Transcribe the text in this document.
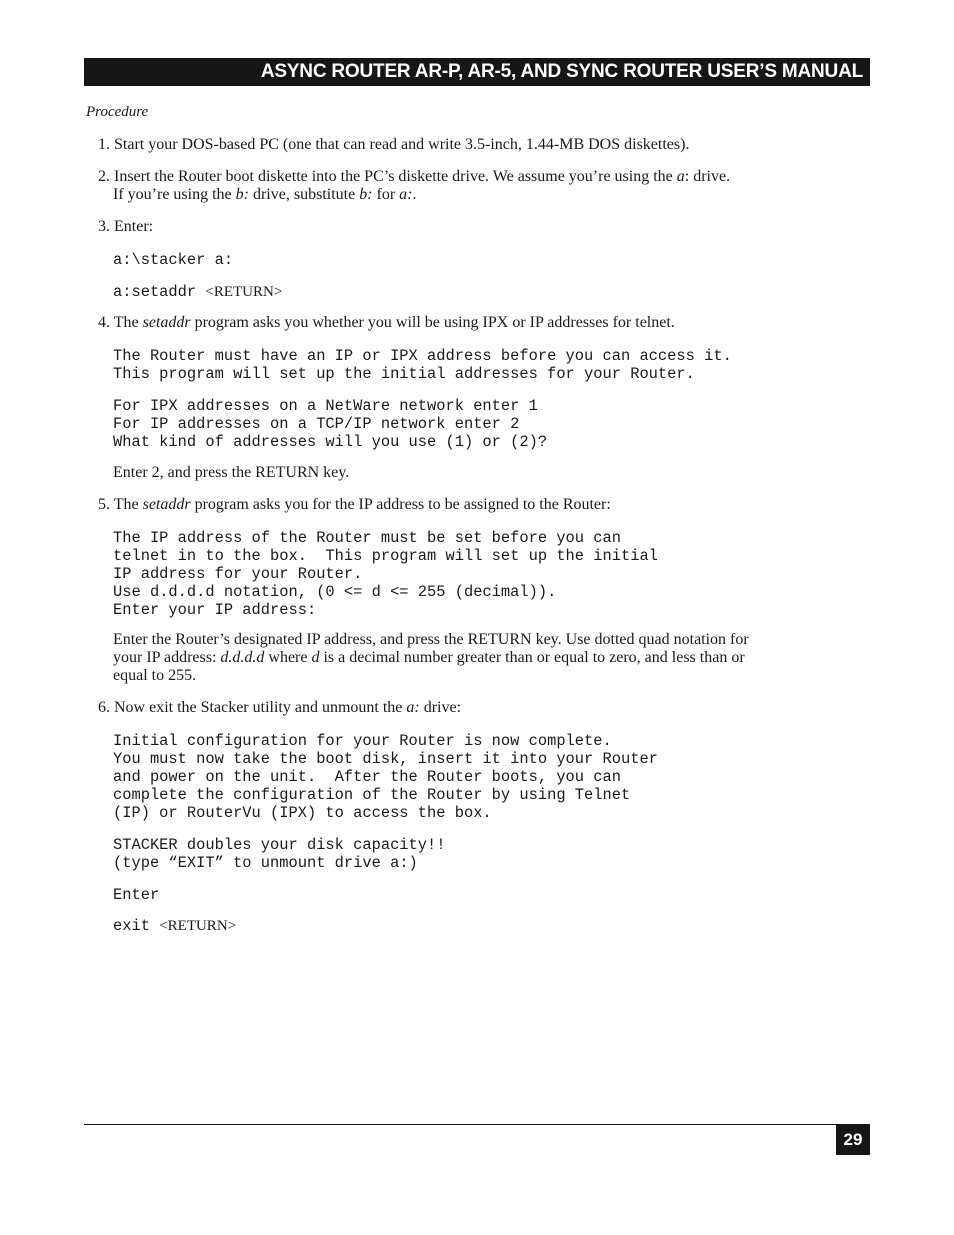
ASYNC ROUTER AR-P, AR-5, AND SYNC ROUTER USER’S MANUAL
Procedure
1. Start your DOS-based PC (one that can read and write 3.5-inch, 1.44-MB DOS diskettes).
2. Insert the Router boot diskette into the PC’s diskette drive. We assume you’re using the a: drive.
If you’re using the b: drive, substitute b: for a:.
3. Enter:
a:\stacker a:
a:setaddr <RETURN>
4. The setaddr program asks you whether you will be using IPX or IP addresses for telnet.
The Router must have an IP or IPX address before you can access it.
This program will set up the initial addresses for your Router.
For IPX addresses on a NetWare network enter 1
For IP addresses on a TCP/IP network enter 2
What kind of addresses will you use (1) or (2)?
Enter 2, and press the RETURN key.
5. The setaddr program asks you for the IP address to be assigned to the Router:
The IP address of the Router must be set before you can
telnet in to the box.  This program will set up the initial
IP address for your Router.
Use d.d.d.d notation, (0 <= d <= 255 (decimal)).
Enter your IP address:
Enter the Router’s designated IP address, and press the RETURN key. Use dotted quad notation for
your IP address: d.d.d.d where d is a decimal number greater than or equal to zero, and less than or
equal to 255.
6. Now exit the Stacker utility and unmount the a: drive:
Initial configuration for your Router is now complete.
You must now take the boot disk, insert it into your Router
and power on the unit.  After the Router boots, you can
complete the configuration of the Router by using Telnet
(IP) or RouterVu (IPX) to access the box.
STACKER doubles your disk capacity!!
(type “EXIT” to unmount drive a:)
Enter
exit <RETURN>
29
